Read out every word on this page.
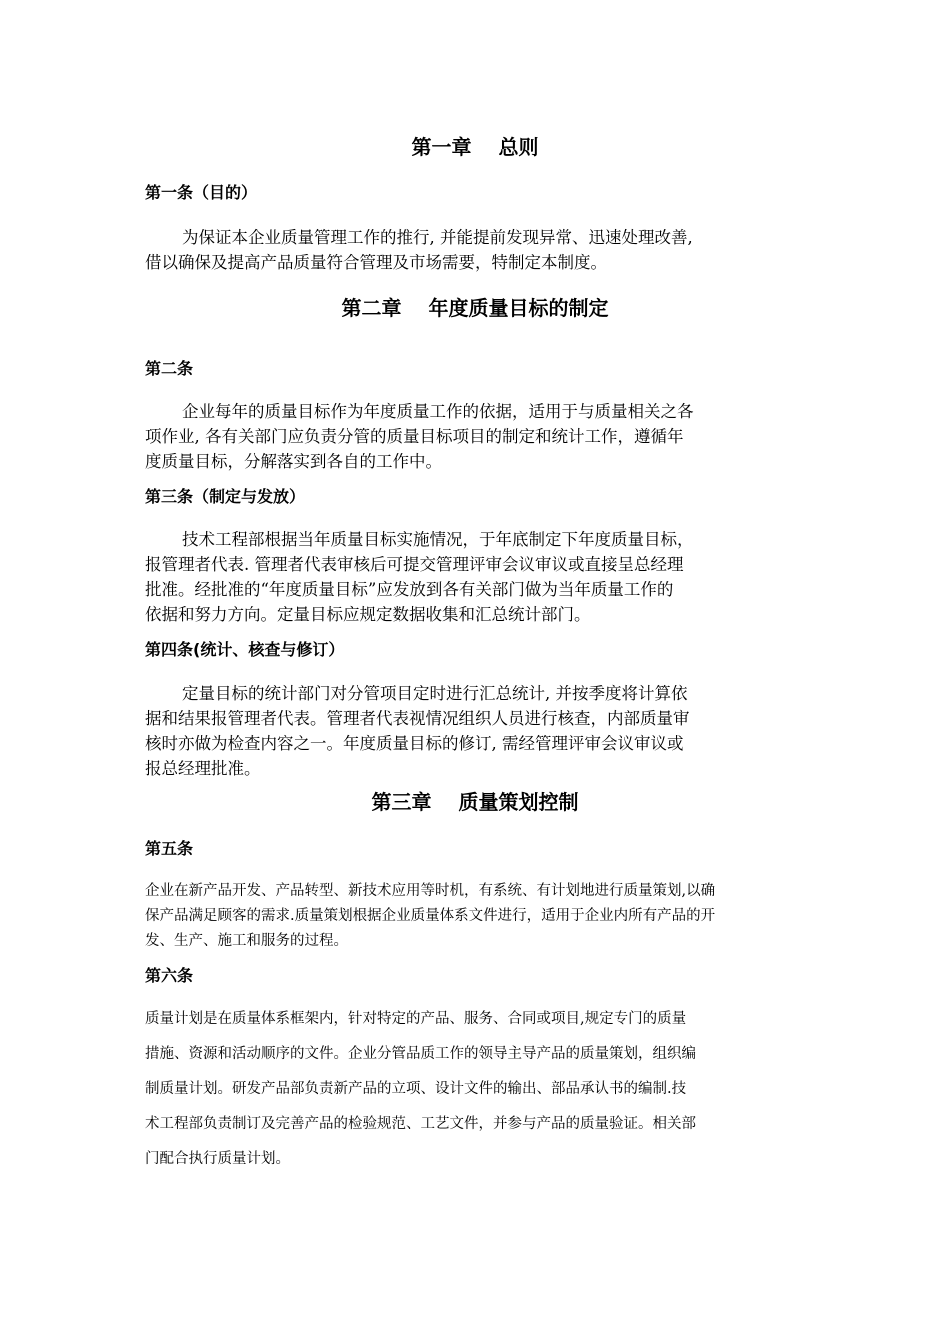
第一章　 总则
第一条（目的）
为保证本企业质量管理工作的推行, 并能提前发现异常、迅速处理改善,
借以确保及提高产品质量符合管理及市场需要，特制定本制度。
第二章　 年度质量目标的制定
第二条
企业每年的质量目标作为年度质量工作的依据，适用于与质量相关之各
项作业, 各有关部门应负责分管的质量目标项目的制定和统计工作，遵循年
度质量目标，分解落实到各自的工作中。
第三条（制定与发放）
技术工程部根据当年质量目标实施情况，于年底制定下年度质量目标，
报管理者代表. 管理者代表审核后可提交管理评审会议审议或直接呈总经理
批准。经批准的“年度质量目标”应发放到各有关部门做为当年质量工作的
依据和努力方向。定量目标应规定数据收集和汇总统计部门。
第四条(统计、核查与修订）
定量目标的统计部门对分管项目定时进行汇总统计, 并按季度将计算依
据和结果报管理者代表。管理者代表视情况组织人员进行核查，内部质量审
核时亦做为检查内容之一。年度质量目标的修订, 需经管理评审会议审议或
报总经理批准。
第三章　 质量策划控制
第五条
企业在新产品开发、产品转型、新技术应用等时机，有系统、有计划地进行质量策划,以确
保产品满足顾客的需求.质量策划根据企业质量体系文件进行，适用于企业内所有产品的开
发、生产、施工和服务的过程。
第六条
质量计划是在质量体系框架内，针对特定的产品、服务、合同或项目,规定专门的质量
措施、资源和活动顺序的文件。企业分管品质工作的领导主导产品的质量策划，组织编
制质量计划。研发产品部负责新产品的立项、设计文件的输出、部品承认书的编制.技
术工程部负责制订及完善产品的检验规范、工艺文件，并参与产品的质量验证。相关部
门配合执行质量计划。
